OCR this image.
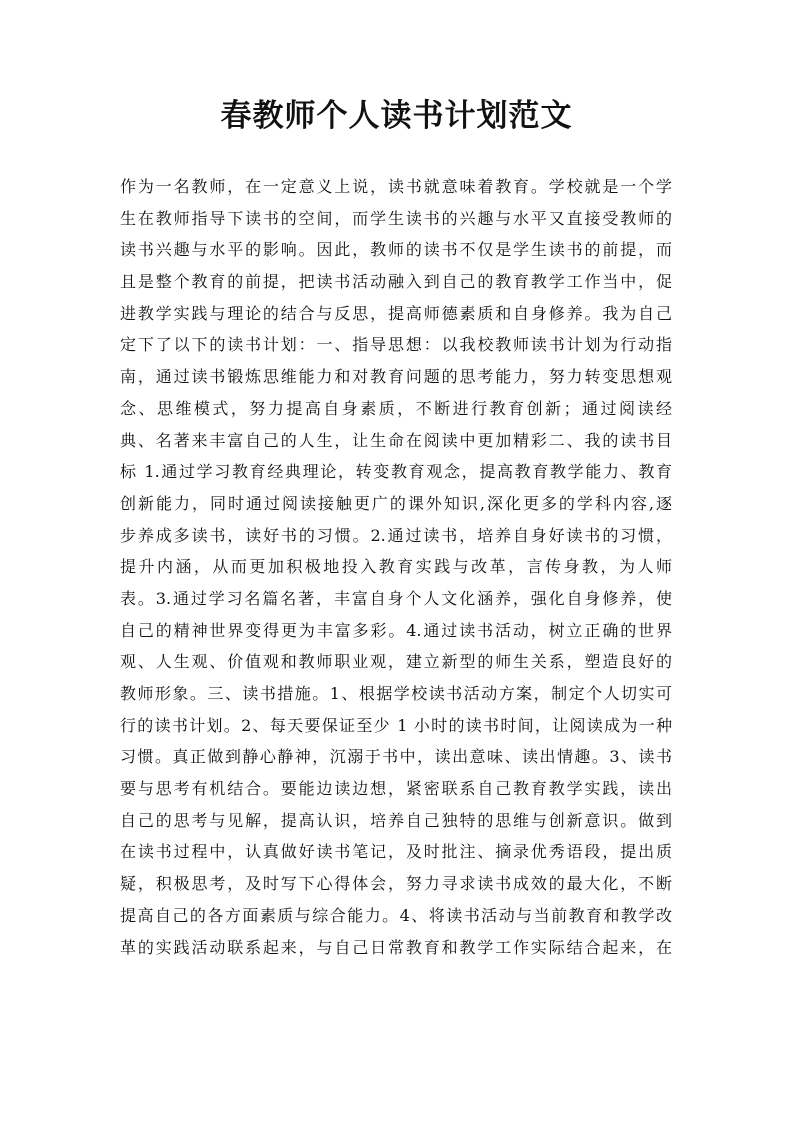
春教师个人读书计划范文
作为一名教师，在一定意义上说，读书就意味着教育。学校就是一个学
生在教师指导下读书的空间，而学生读书的兴趣与水平又直接受教师的
读书兴趣与水平的影响。因此，教师的读书不仅是学生读书的前提，而
且是整个教育的前提，把读书活动融入到自己的教育教学工作当中，促
进教学实践与理论的结合与反思，提高师德素质和自身修养。我为自己
定下了以下的读书计划：一、指导思想：以我校教师读书计划为行动指
南，通过读书锻炼思维能力和对教育问题的思考能力，努力转变思想观
念、思维模式，努力提高自身素质，不断进行教育创新；通过阅读经
典、名著来丰富自己的人生，让生命在阅读中更加精彩二、我的读书目
标 1.通过学习教育经典理论，转变教育观念，提高教育教学能力、教育
创新能力，同时通过阅读接触更广的课外知识,深化更多的学科内容,逐
步养成多读书，读好书的习惯。2.通过读书，培养自身好读书的习惯，
提升内涵，从而更加积极地投入教育实践与改革，言传身教，为人师
表。3.通过学习名篇名著，丰富自身个人文化涵养，强化自身修养，使
自己的精神世界变得更为丰富多彩。4.通过读书活动，树立正确的世界
观、人生观、价值观和教师职业观，建立新型的师生关系，塑造良好的
教师形象。三、读书措施。1、根据学校读书活动方案，制定个人切实可
行的读书计划。2、每天要保证至少 1 小时的读书时间，让阅读成为一种
习惯。真正做到静心静神，沉溺于书中，读出意味、读出情趣。3、读书
要与思考有机结合。要能边读边想，紧密联系自己教育教学实践，读出
自己的思考与见解，提高认识，培养自己独特的思维与创新意识。做到
在读书过程中，认真做好读书笔记，及时批注、摘录优秀语段，提出质
疑，积极思考，及时写下心得体会，努力寻求读书成效的最大化，不断
提高自己的各方面素质与综合能力。4、将读书活动与当前教育和教学改
革的实践活动联系起来，与自己日常教育和教学工作实际结合起来，在
